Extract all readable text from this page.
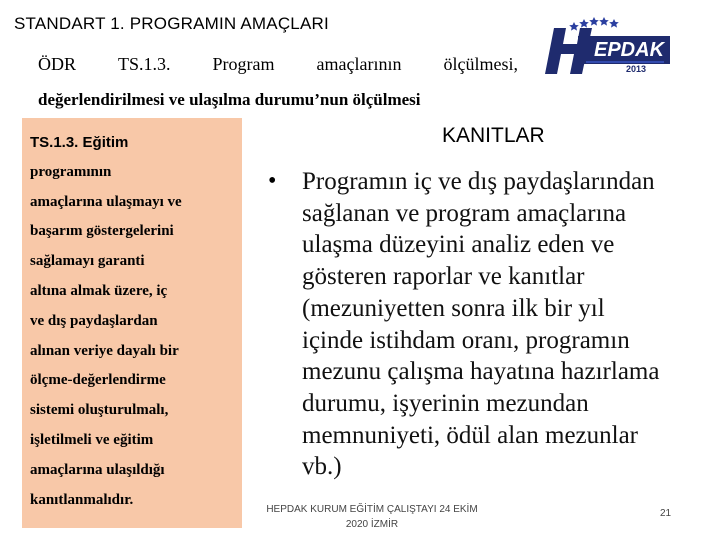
STANDART 1. PROGRAMIN AMAÇLARI
ÖDR TS.1.3. Program amaçlarının ölçülmesi,
değerlendirilmesi ve ulaşılma durumu’nun ölçülmesi
EPDAK
2013

TS.1.3. Eğitim

programının
amaçlarına ulaşmayı ve
başarım göstergelerini
sağlamayı garanti
altına almak üzere, iç
ve dış paydaşlardan
alınan veriye dayalı bir
ölçme-değerlendirme
sistemi oluşturulmalı,
işletilmeli ve eğitim
amaçlarına ulaşıldığı
kanıtlanmalıdır.

KANITLAR
•	Programın iç ve dış paydaşlarından
sağlanan ve program amaçlarına
ulaşma düzeyini analiz eden ve
gösteren raporlar ve kanıtlar
(mezuniyetten sonra ilk bir yıl
içinde istihdam oranı, programın
mezunu çalışma hayatına hazırlama
durumu, işyerinin mezundan
memnuniyeti, ödül alan mezunlar
vb.)
HEPDAK KURUM EĞİTİM ÇALIŞTAYI 24 EKİM
2020 İZMİR
21
